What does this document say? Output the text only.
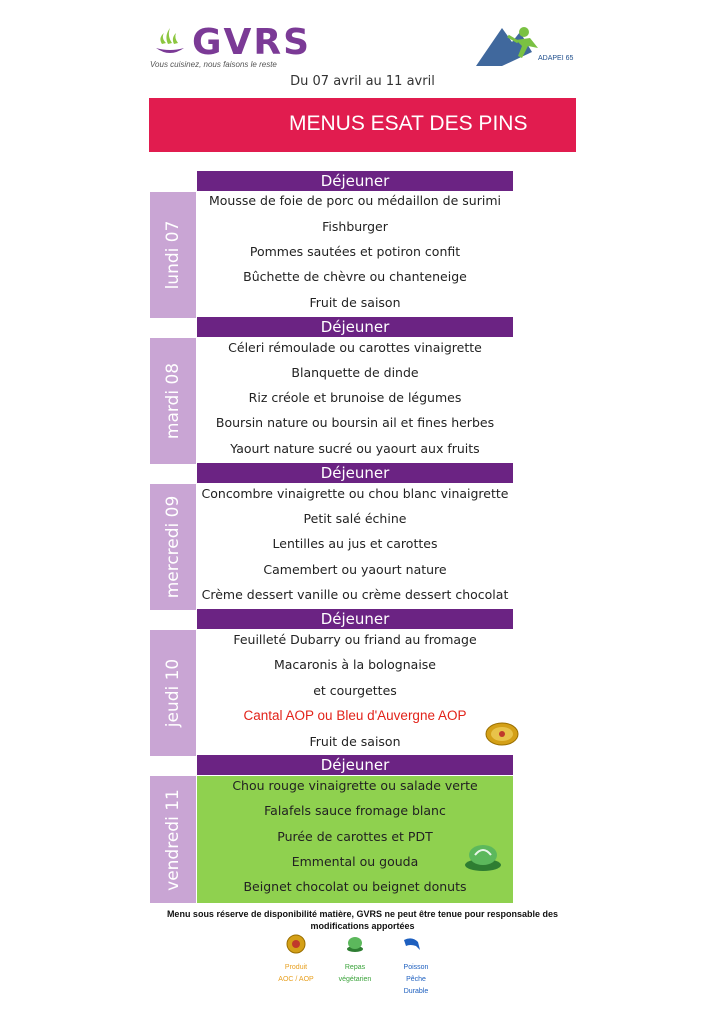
GVRS
Vous cuisinez, nous faisons le reste
ADAPEI 65
Du 07 avril au 11 avril
MENUS ESAT DES PINS
lundi 07
Déjeuner
Mousse de foie de porc ou médaillon de surimi
Fishburger
Pommes sautées et potiron confit
Bûchette de chèvre ou chanteneige
Fruit de saison
mardi 08
Déjeuner
Céleri rémoulade ou carottes vinaigrette
Blanquette de dinde
Riz créole et brunoise de légumes
Boursin nature ou boursin ail et fines herbes
Yaourt nature sucré ou yaourt aux fruits
mercredi 09
Déjeuner
Concombre vinaigrette ou chou blanc vinaigrette
Petit salé échine
Lentilles au jus et carottes
Camembert ou yaourt nature
Crème dessert vanille ou crème dessert chocolat
jeudi 10
Déjeuner
Feuilleté Dubarry ou friand au fromage
Macaronis à la bolognaise
et courgettes
Cantal AOP ou Bleu d'Auvergne AOP
Fruit de saison
vendredi 11
Déjeuner
Chou rouge vinaigrette ou salade verte
Falafels sauce fromage blanc
Purée de carottes et PDT
Emmental ou gouda
Beignet chocolat ou beignet donuts
Menu sous réserve de disponibilité matière, GVRS ne peut être tenue pour responsable des
modifications apportées
Produit
AOC / AOP
Repas
végétarien
Poisson
Pêche
Durable
